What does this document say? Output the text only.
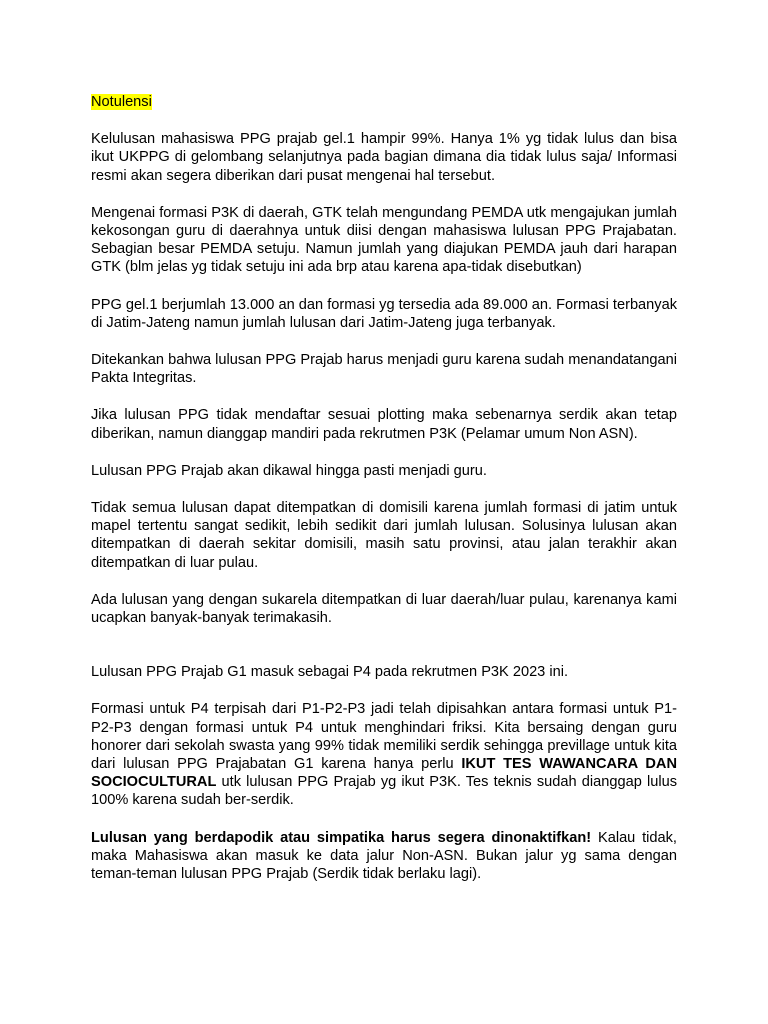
Notulensi

Kelulusan mahasiswa PPG prajab gel.1 hampir 99%. Hanya 1% yg tidak lulus dan bisa ikut UKPPG di gelombang selanjutnya pada bagian dimana dia tidak lulus saja/ Informasi resmi akan segera diberikan dari pusat mengenai hal tersebut.

Mengenai formasi P3K di daerah, GTK telah mengundang PEMDA utk mengajukan jumlah kekosongan guru di daerahnya untuk diisi dengan mahasiswa lulusan PPG Prajabatan. Sebagian besar PEMDA setuju. Namun jumlah yang diajukan PEMDA jauh dari harapan GTK (blm jelas yg tidak setuju ini ada brp atau karena apa-tidak disebutkan)

PPG gel.1 berjumlah 13.000 an dan formasi yg tersedia ada 89.000 an. Formasi terbanyak di Jatim-Jateng namun jumlah lulusan dari Jatim-Jateng juga terbanyak.

Ditekankan bahwa lulusan PPG Prajab harus menjadi guru karena sudah menandatangani Pakta Integritas.

Jika lulusan PPG tidak mendaftar sesuai plotting maka sebenarnya serdik akan tetap diberikan, namun dianggap mandiri pada rekrutmen P3K (Pelamar umum Non ASN).

Lulusan PPG Prajab akan dikawal hingga pasti menjadi guru.

Tidak semua lulusan dapat ditempatkan di domisili karena jumlah formasi di jatim untuk mapel tertentu sangat sedikit, lebih sedikit dari jumlah lulusan. Solusinya lulusan akan ditempatkan di daerah sekitar domisili, masih satu provinsi, atau jalan terakhir akan ditempatkan di luar pulau.

Ada lulusan yang dengan sukarela ditempatkan di luar daerah/luar pulau, karenanya kami ucapkan banyak-banyak terimakasih.

Lulusan PPG Prajab G1 masuk sebagai P4 pada rekrutmen P3K 2023 ini.

Formasi untuk P4 terpisah dari P1-P2-P3 jadi telah dipisahkan antara formasi untuk P1-P2-P3 dengan formasi untuk P4 untuk menghindari friksi. Kita bersaing dengan guru honorer dari sekolah swasta yang 99% tidak memiliki serdik sehingga previllage untuk kita dari lulusan PPG Prajabatan G1 karena hanya perlu IKUT TES WAWANCARA DAN SOCIOCULTURAL utk lulusan PPG Prajab yg ikut P3K. Tes teknis sudah dianggap lulus 100% karena sudah ber-serdik.

Lulusan yang berdapodik atau simpatika harus segera dinonaktifkan! Kalau tidak, maka Mahasiswa akan masuk ke data jalur Non-ASN. Bukan jalur yg sama dengan teman-teman lulusan PPG Prajab (Serdik tidak berlaku lagi).
